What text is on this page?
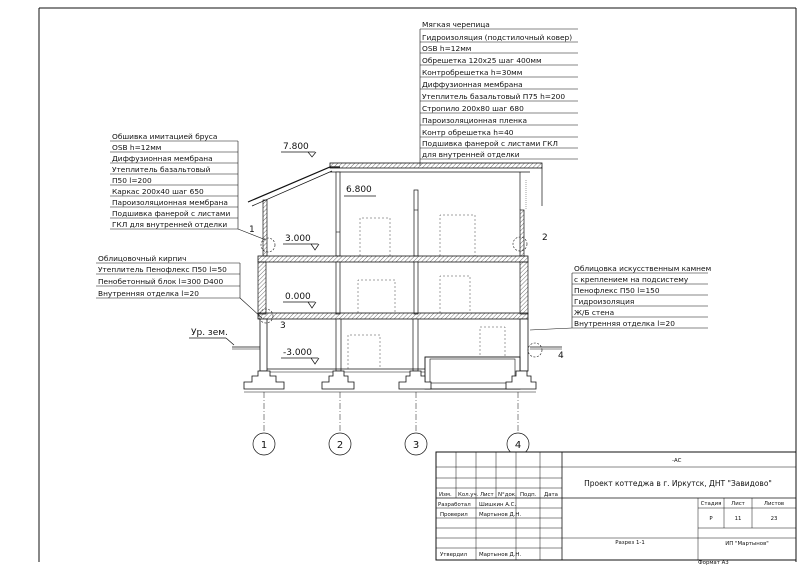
Мягкая черепица
Гидроизоляция (подстилочный ковер)
OSB h=12мм
Обрешетка 120х25 шаг 400мм
Контробрешетка h=30мм
Диффузионная мембрана
Утеплитель базальтовый П75 h=200
Стропило 200х80 шаг 680
Пароизоляционная пленка
Контр обрешетка h=40
Подшивка фанерой с листами ГКЛ
для внутренней отделки
Обшивка имитацией бруса
OSB h=12мм
Диффузионная мембрана
Утеплитель базальтовый
П50 l=200
Каркас 200х40 шаг 650
Пароизоляционная мембрана
Подшивка фанерой с листами
ГКЛ для внутренней отделки
Облицовочный кирпич
Утеплитель Пенофлекс П50 l=50
Пенобетонный блок l=300 D400
Внутренняя отделка l=20
Облицовка искусственным камнем
с креплением на подсистему
Пенофлекс П50 l=150
Гидроизоляция
Ж/Б стена
Внутренняя отделка l=20
7.800
6.800
3.000
0.000
-3.000
Ур. зем.
1
2
3
4
1	2	3	4
-АС
Проект коттеджа в г. Иркутск, ДНТ "Завидово"
Изм. Кол.уч. Лист N°док. Подп. Дата
Разработал Шишкин А.С.
Проверил Мартынов Д.Н.
Утвердил Мартынов Д.Н.
Стадия Лист	Листов
Р	11	23
Разрез 1-1	ИП "Мартынов"
Формат А3
